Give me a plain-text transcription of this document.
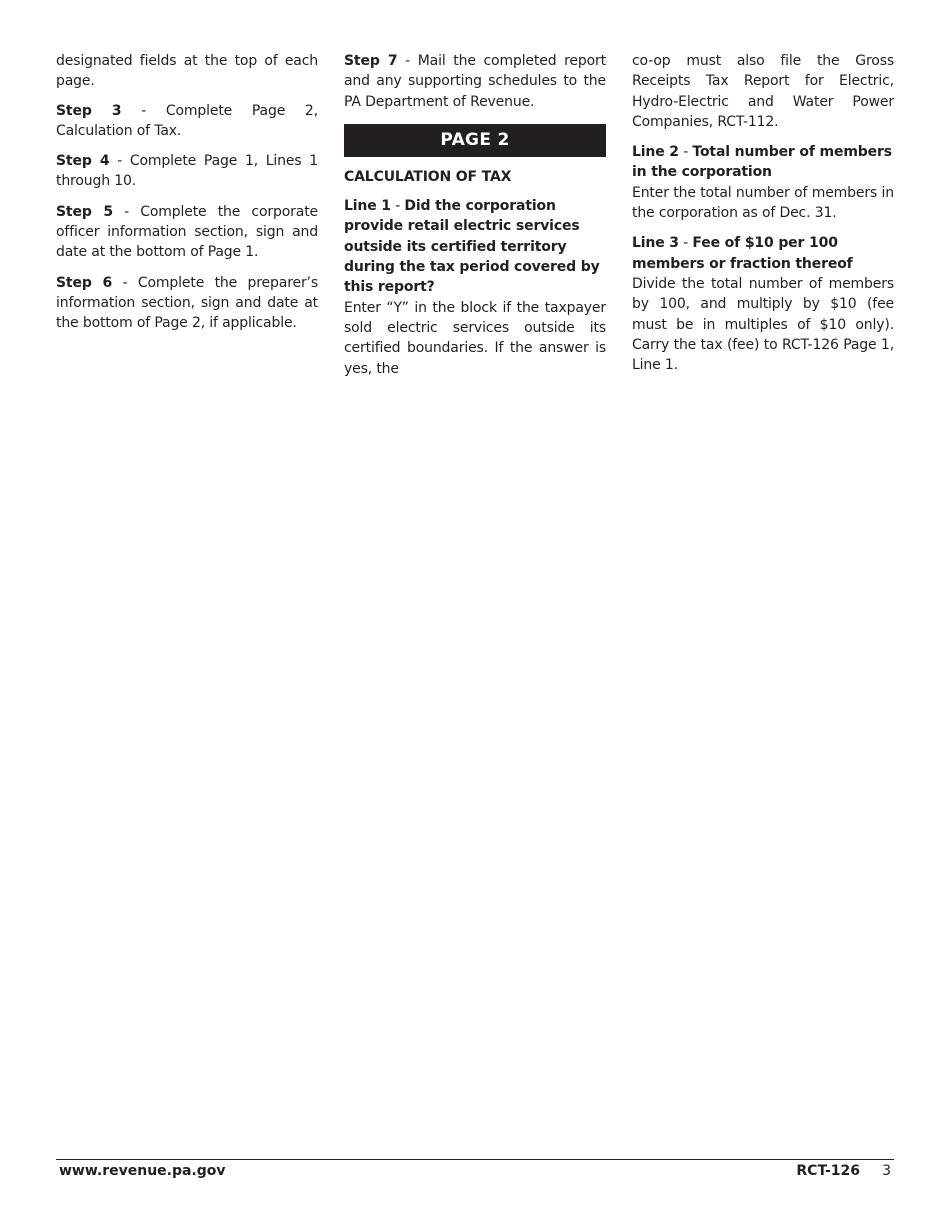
designated fields at the top of each page.

Step 3 - Complete Page 2, Calculation of Tax.

Step 4 - Complete Page 1, Lines 1 through 10.

Step 5 - Complete the corporate officer information section, sign and date at the bottom of Page 1.

Step 6 - Complete the preparer’s information section, sign and date at the bottom of Page 2, if applicable.

Step 7 - Mail the completed report and any supporting schedules to the PA Department of Revenue.

PAGE 2
CALCULATION OF TAX
Line 1 - Did the corporation provide retail electric services outside its certified territory during the tax period covered by this report?
Enter “Y” in the block if the taxpayer sold electric services outside its certified boundaries. If the answer is yes, the

co-op must also file the Gross Receipts Tax Report for Electric, Hydro-Electric and Water Power Companies, RCT-112.

Line 2 - Total number of members in the corporation
Enter the total number of members in the corporation as of Dec. 31.
Line 3 - Fee of $10 per 100 members or fraction thereof
Divide the total number of members by 100, and multiply by $10 (fee must be in multiples of $10 only). Carry the tax (fee) to RCT-126 Page 1, Line 1.
www.revenue.pa.gov	RCT-126 3
